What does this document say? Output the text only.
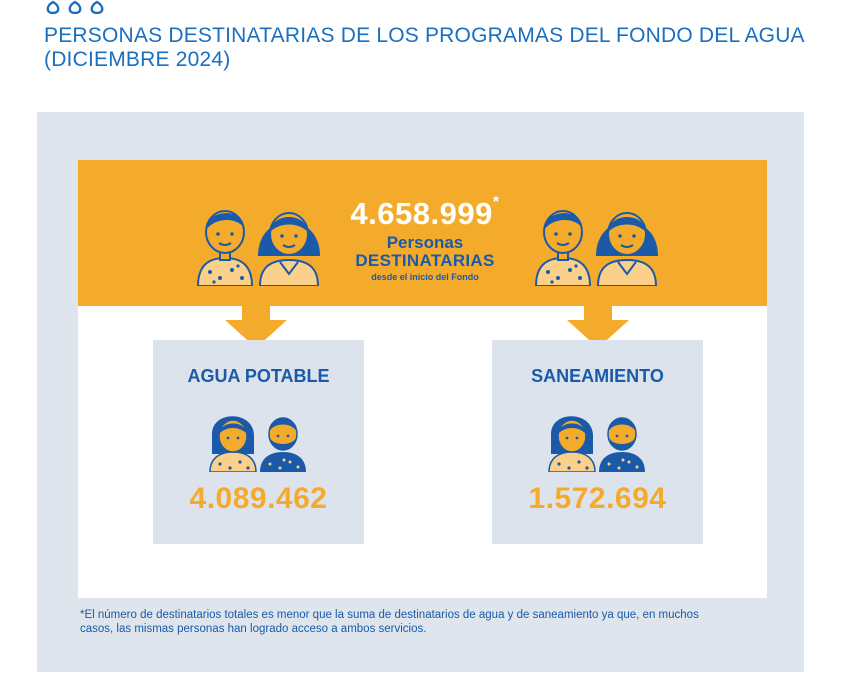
PERSONAS DESTINATARIAS DE LOS PROGRAMAS DEL FONDO DEL AGUA
(DICIEMBRE 2024)
4.658.999*
Personas
DESTINATARIAS
desde el inicio del Fondo
AGUA POTABLE
4.089.462
SANEAMIENTO
1.572.694
*El número de destinatarios totales es menor que la suma de destinatarios de agua y de saneamiento ya que, en muchos
casos, las mismas personas han logrado acceso a ambos servicios.
